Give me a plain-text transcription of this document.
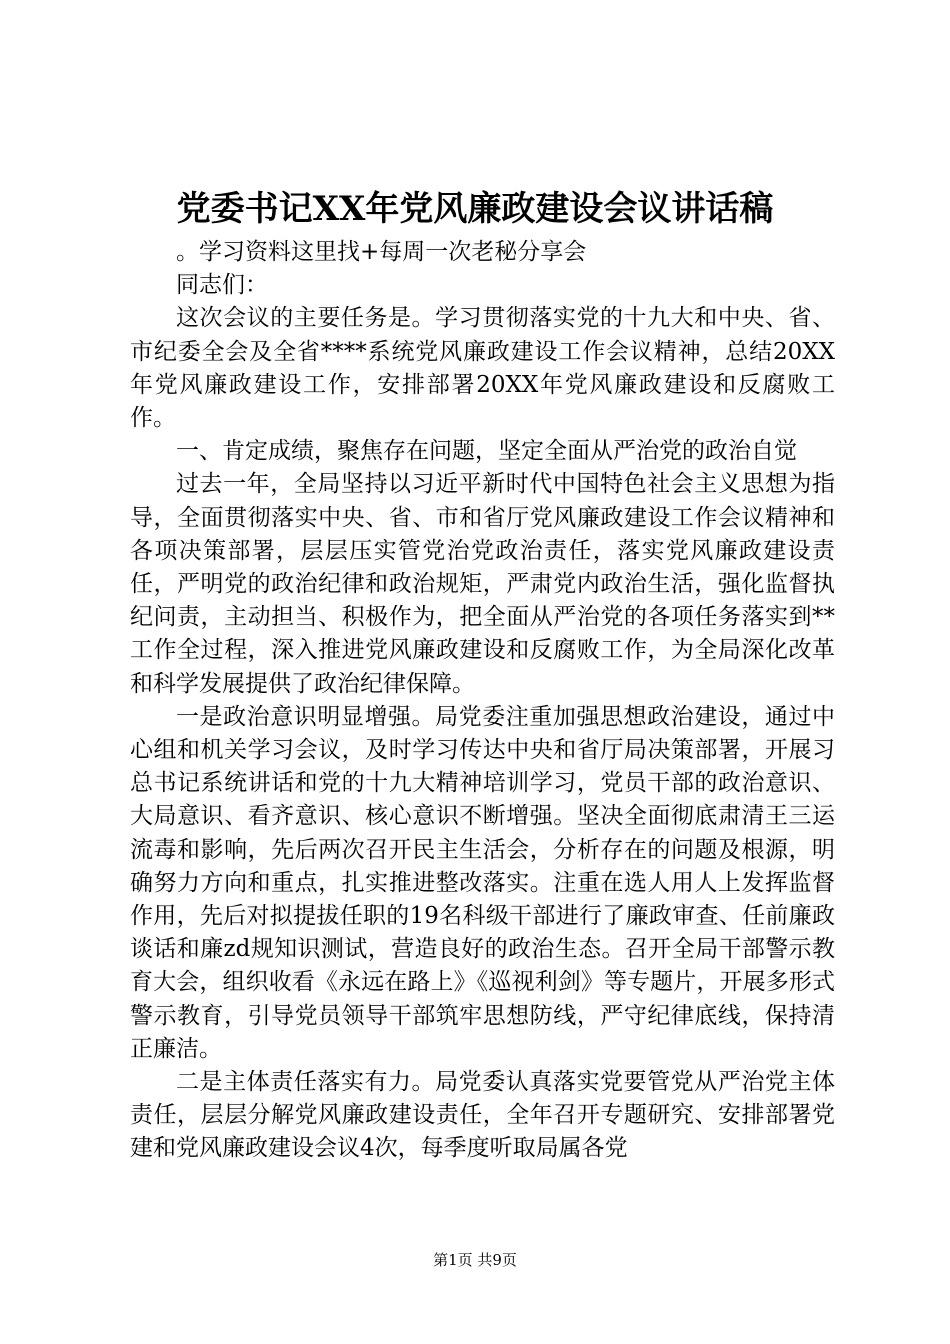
党委书记XX年党风廉政建设会议讲话稿

。学习资料这里找+每周一次老秘分享会

同志们：

这次会议的主要任务是。学习贯彻落实党的十九大和中央、省、市纪委全会及全省****系统党风廉政建设工作会议精神，总结20XX年党风廉政建设工作，安排部署20XX年党风廉政建设和反腐败工作。

一、肯定成绩，聚焦存在问题，坚定全面从严治党的政治自觉

过去一年，全局坚持以习近平新时代中国特色社会主义思想为指导，全面贯彻落实中央、省、市和省厅党风廉政建设工作会议精神和各项决策部署，层层压实管党治党政治责任，落实党风廉政建设责任，严明党的政治纪律和政治规矩，严肃党内政治生活，强化监督执纪问责，主动担当、积极作为，把全面从严治党的各项任务落实到**工作全过程，深入推进党风廉政建设和反腐败工作，为全局深化改革和科学发展提供了政治纪律保障。

一是政治意识明显增强。局党委注重加强思想政治建设，通过中心组和机关学习会议，及时学习传达中央和省厅局决策部署，开展习总书记系统讲话和党的十九大精神培训学习，党员干部的政治意识、大局意识、看齐意识、核心意识不断增强。坚决全面彻底肃清王三运流毒和影响，先后两次召开民主生活会，分析存在的问题及根源，明确努力方向和重点，扎实推进整改落实。注重在选人用人上发挥监督作用，先后对拟提拔任职的19名科级干部进行了廉政审查、任前廉政谈话和廉zd规知识测试，营造良好的政治生态。召开全局干部警示教育大会，组织收看《永远在路上》《巡视利剑》等专题片，开展多形式警示教育，引导党员领导干部筑牢思想防线，严守纪律底线，保持清正廉洁。

二是主体责任落实有力。局党委认真落实党要管党从严治党主体责任，层层分解党风廉政建设责任，全年召开专题研究、安排部署党建和党风廉政建设会议4次，每季度听取局属各党

第1页 共9页
